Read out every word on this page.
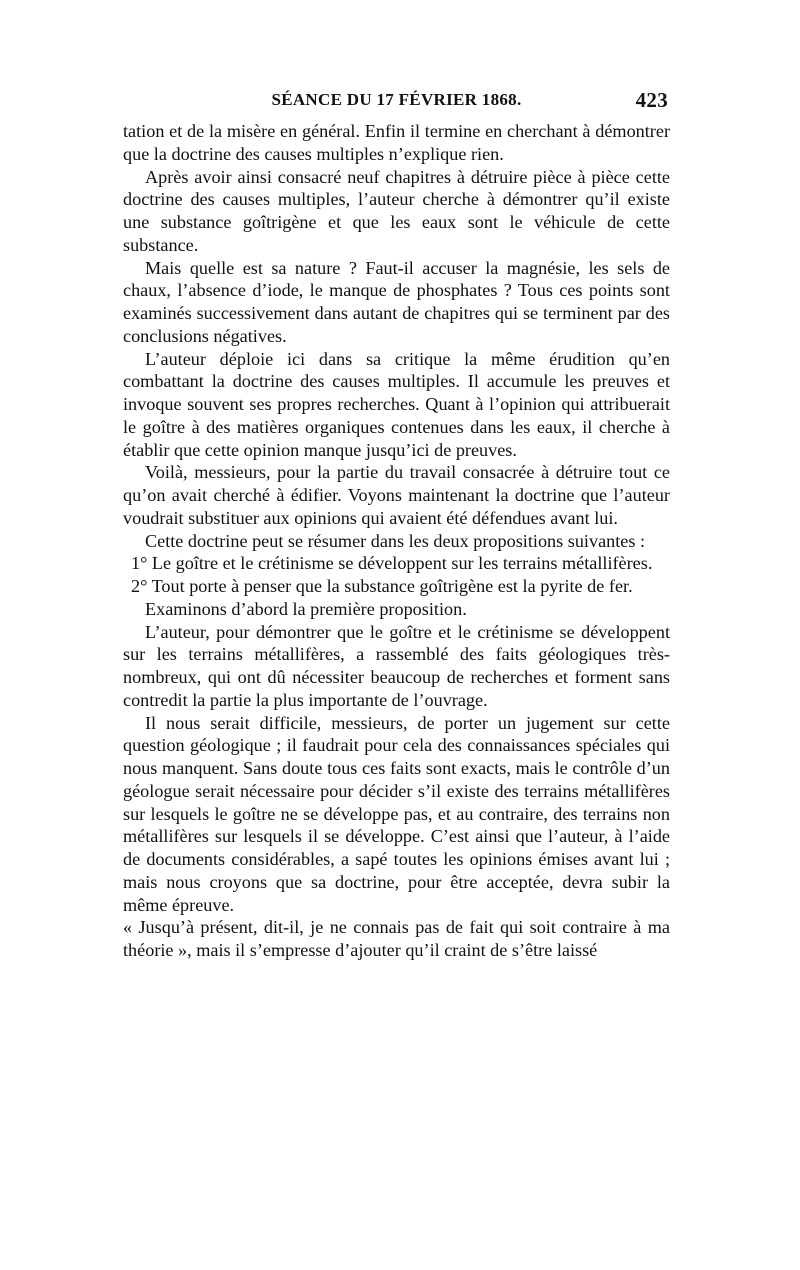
SÉANCE DU 17 FÉVRIER 1868.	423

tation et de la misère en général. Enfin il termine en cherchant à démontrer que la doctrine des causes multiples n’explique rien.

Après avoir ainsi consacré neuf chapitres à détruire pièce à pièce cette doctrine des causes multiples, l’auteur cherche à démontrer qu’il existe une substance goîtrigène et que les eaux sont le véhicule de cette substance.

Mais quelle est sa nature ? Faut-il accuser la magnésie, les sels de chaux, l’absence d’iode, le manque de phosphates ? Tous ces points sont examinés successivement dans autant de chapitres qui se terminent par des conclusions négatives.

L’auteur déploie ici dans sa critique la même érudition qu’en combattant la doctrine des causes multiples. Il accumule les preuves et invoque souvent ses propres recherches. Quant à l’opinion qui attribuerait le goître à des matières organiques contenues dans les eaux, il cherche à établir que cette opinion manque jusqu’ici de preuves.

Voilà, messieurs, pour la partie du travail consacrée à détruire tout ce qu’on avait cherché à édifier. Voyons maintenant la doctrine que l’auteur voudrait substituer aux opinions qui avaient été défendues avant lui.

Cette doctrine peut se résumer dans les deux propositions suivantes :

1° Le goître et le crétinisme se développent sur les terrains métallifères.

2° Tout porte à penser que la substance goîtrigène est la pyrite de fer.

Examinons d’abord la première proposition.

L’auteur, pour démontrer que le goître et le crétinisme se développent sur les terrains métallifères, a rassemblé des faits géologiques très-nombreux, qui ont dû nécessiter beaucoup de recherches et forment sans contredit la partie la plus importante de l’ouvrage.

Il nous serait difficile, messieurs, de porter un jugement sur cette question géologique ; il faudrait pour cela des connaissances spéciales qui nous manquent. Sans doute tous ces faits sont exacts, mais le contrôle d’un géologue serait nécessaire pour décider s’il existe des terrains métallifères sur lesquels le goître ne se développe pas, et au contraire, des terrains non métallifères sur lesquels il se développe. C’est ainsi que l’auteur, à l’aide de documents considérables, a sapé toutes les opinions émises avant lui ; mais nous croyons que sa doctrine, pour être acceptée, devra subir la même épreuve.

« Jusqu’à présent, dit-il, je ne connais pas de fait qui soit contraire à ma théorie », mais il s’empresse d’ajouter qu’il craint de s’être laissé
